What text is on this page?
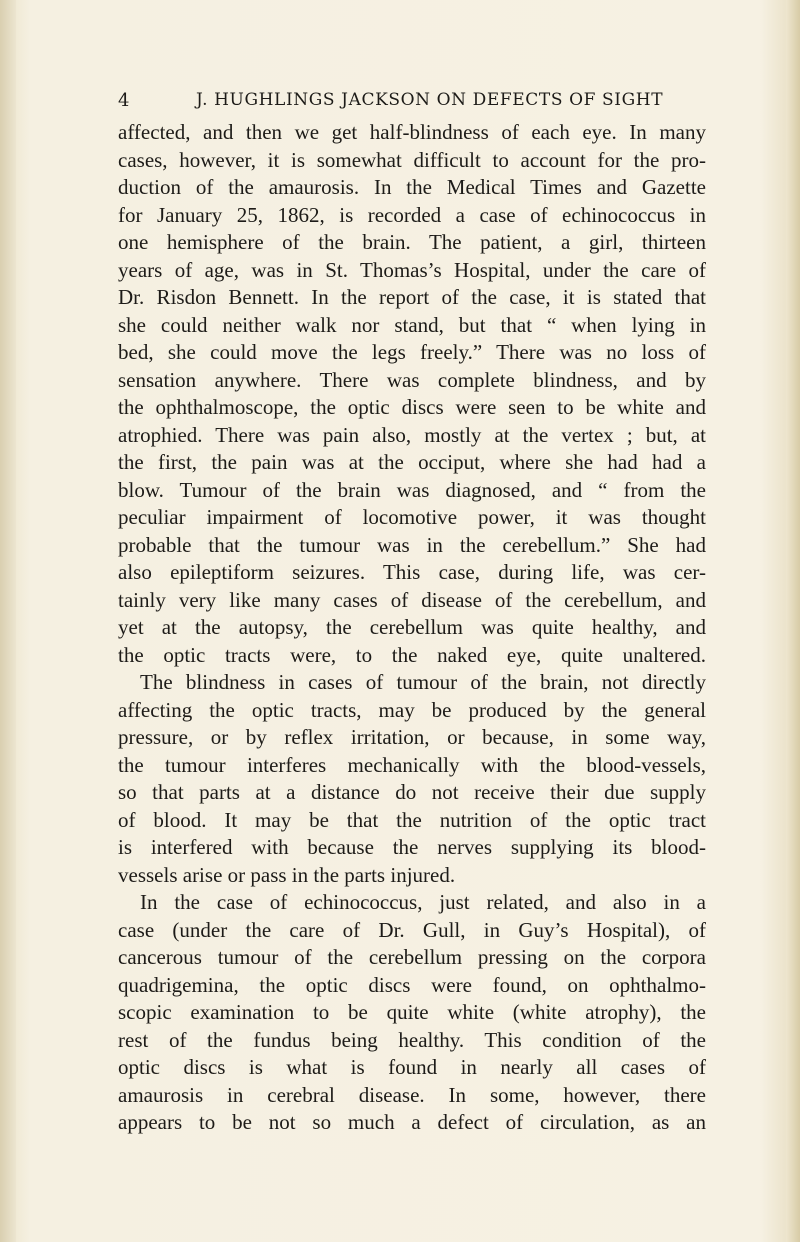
4	J. HUGHLINGS JACKSON ON DEFECTS OF SIGHT
affected, and then we get half-blindness of each eye. In many
cases, however, it is somewhat difficult to account for the pro-
duction of the amaurosis. In the Medical Times and Gazette
for January 25, 1862, is recorded a case of echinococcus in
one hemisphere of the brain. The patient, a girl, thirteen
years of age, was in St. Thomas’s Hospital, under the care of
Dr. Risdon Bennett. In the report of the case, it is stated that
she could neither walk nor stand, but that “ when lying in
bed, she could move the legs freely.” There was no loss of
sensation anywhere. There was complete blindness, and by
the ophthalmoscope, the optic discs were seen to be white and
atrophied. There was pain also, mostly at the vertex ; but, at
the first, the pain was at the occiput, where she had had a
blow. Tumour of the brain was diagnosed, and “ from the
peculiar impairment of locomotive power, it was thought
probable that the tumour was in the cerebellum.” She had
also epileptiform seizures. This case, during life, was cer-
tainly very like many cases of disease of the cerebellum, and
yet at the autopsy, the cerebellum was quite healthy, and
the optic tracts were, to the naked eye, quite unaltered.
The blindness in cases of tumour of the brain, not directly
affecting the optic tracts, may be produced by the general
pressure, or by reflex irritation, or because, in some way,
the tumour interferes mechanically with the blood-vessels,
so that parts at a distance do not receive their due supply
of blood. It may be that the nutrition of the optic tract
is interfered with because the nerves supplying its blood-
vessels arise or pass in the parts injured.
In the case of echinococcus, just related, and also in a
case (under the care of Dr. Gull, in Guy’s Hospital), of
cancerous tumour of the cerebellum pressing on the corpora
quadrigemina, the optic discs were found, on ophthalmo-
scopic examination to be quite white (white atrophy), the
rest of the fundus being healthy. This condition of the
optic discs is what is found in nearly all cases of
amaurosis in cerebral disease. In some, however, there
appears to be not so much a defect of circulation, as an
